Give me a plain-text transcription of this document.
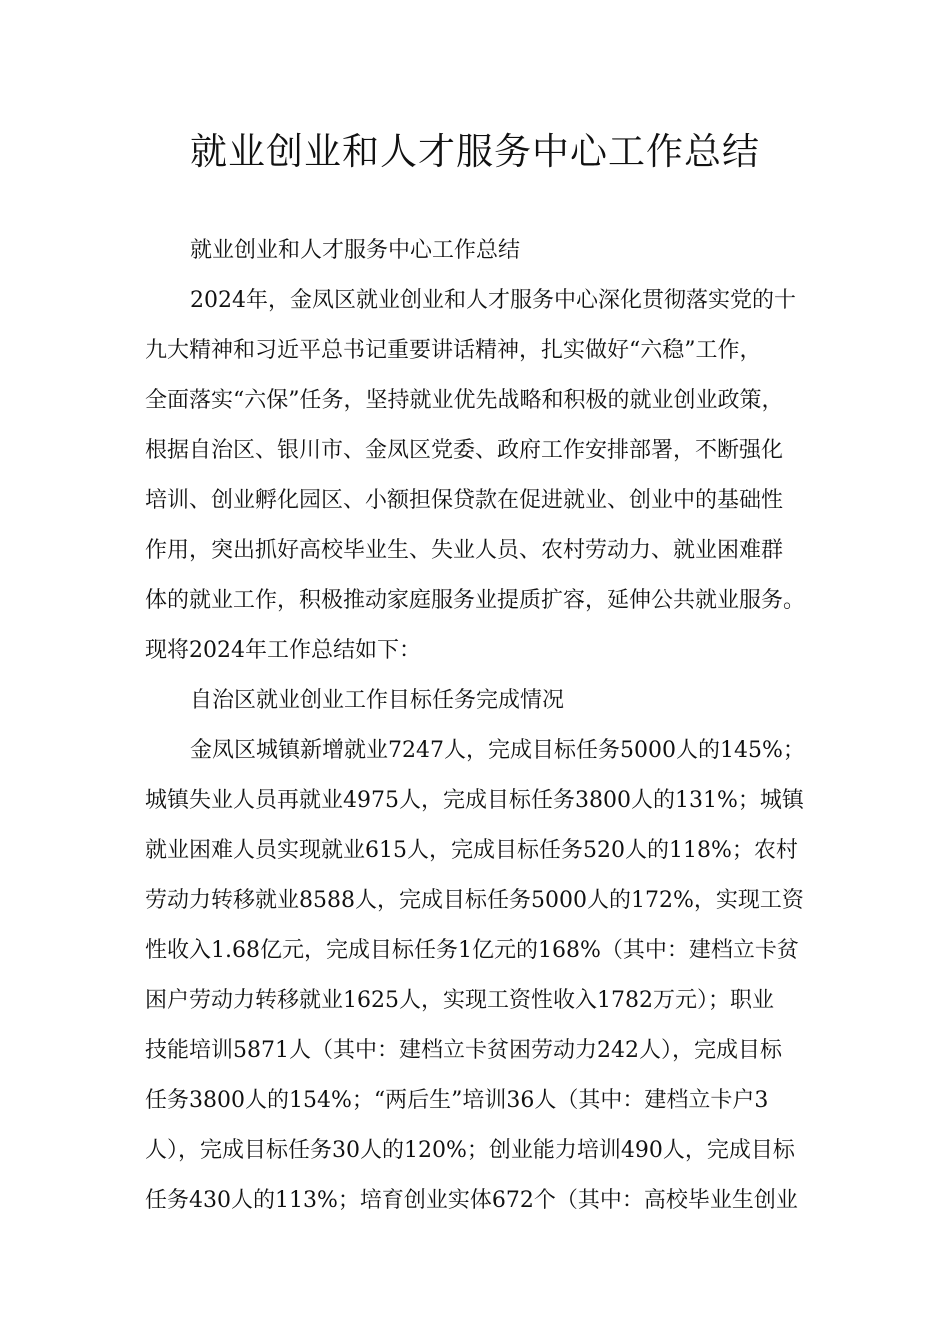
就业创业和人才服务中心工作总结
就业创业和人才服务中心工作总结
2024年，金凤区就业创业和人才服务中心深化贯彻落实党的十
九大精神和习近平总书记重要讲话精神，扎实做好“六稳”工作，
全面落实“六保”任务，坚持就业优先战略和积极的就业创业政策，
根据自治区、银川市、金凤区党委、政府工作安排部署，不断强化
培训、创业孵化园区、小额担保贷款在促进就业、创业中的基础性
作用，突出抓好高校毕业生、失业人员、农村劳动力、就业困难群
体的就业工作，积极推动家庭服务业提质扩容，延伸公共就业服务。
现将2024年工作总结如下：
自治区就业创业工作目标任务完成情况
金凤区城镇新增就业7247人，完成目标任务5000人的145%；
城镇失业人员再就业4975人，完成目标任务3800人的131%；城镇
就业困难人员实现就业615人，完成目标任务520人的118%；农村
劳动力转移就业8588人，完成目标任务5000人的172%，实现工资
性收入1.68亿元，完成目标任务1亿元的168%（其中：建档立卡贫
困户劳动力转移就业1625人，实现工资性收入1782万元）；职业
技能培训5871人（其中：建档立卡贫困劳动力242人），完成目标
任务3800人的154%；“两后生”培训36人（其中：建档立卡户3
人），完成目标任务30人的120%；创业能力培训490人，完成目标
任务430人的113%；培育创业实体672个（其中：高校毕业生创业
